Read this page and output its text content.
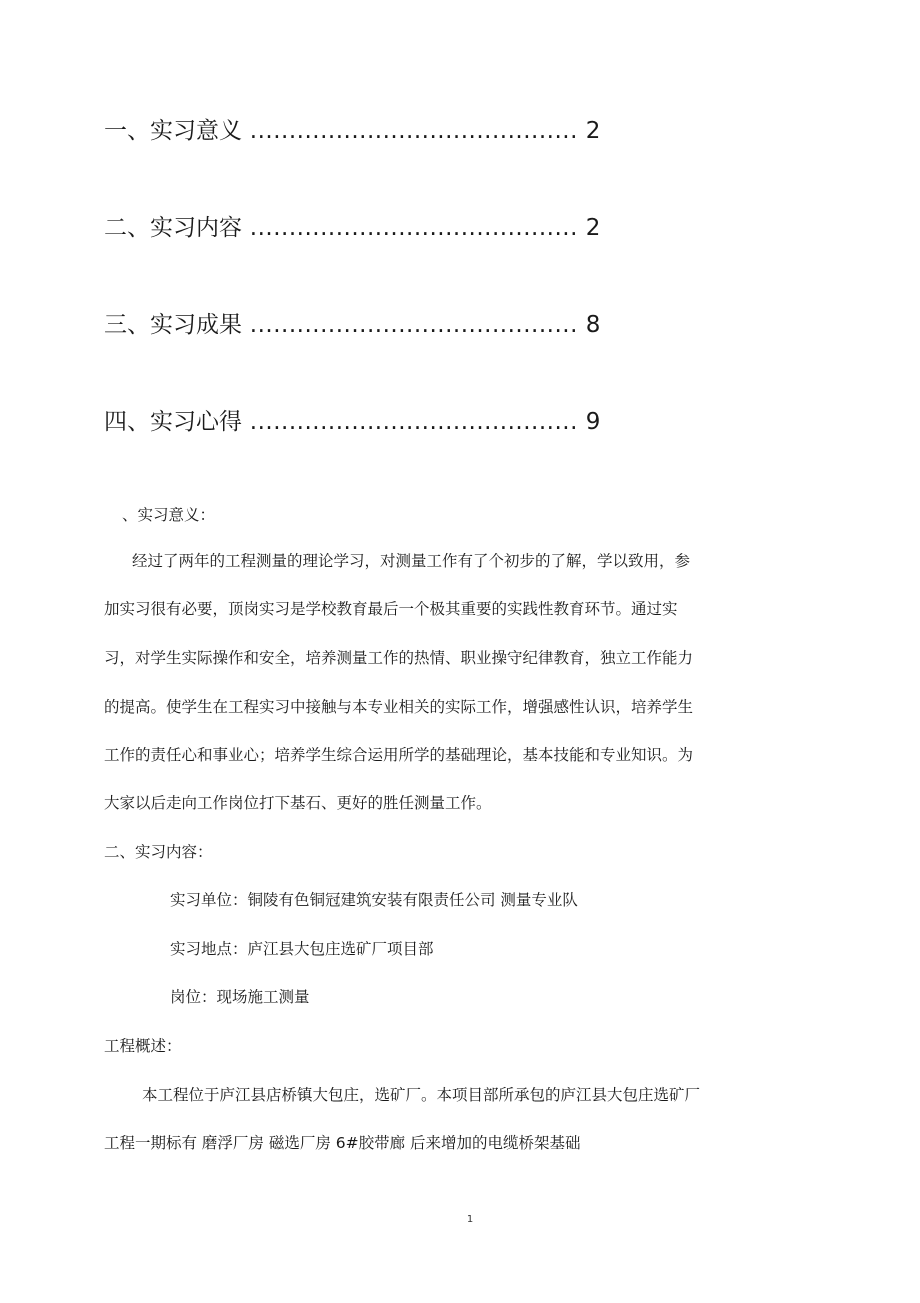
一、实习意义 .......................................... 2
二、实习内容 .......................................... 2
三、实习成果 .......................................... 8
四、实习心得 .......................................... 9
、实习意义：
经过了两年的工程测量的理论学习，对测量工作有了个初步的了解，学以致用，参
加实习很有必要，顶岗实习是学校教育最后一个极其重要的实践性教育环节。通过实
习，对学生实际操作和安全，培养测量工作的热情、职业操守纪律教育，独立工作能力
的提高。使学生在工程实习中接触与本专业相关的实际工作，增强感性认识，培养学生
工作的责任心和事业心；培养学生综合运用所学的基础理论，基本技能和专业知识。为
大家以后走向工作岗位打下基石、更好的胜任测量工作。
二、实习内容：
实习单位：铜陵有色铜冠建筑安装有限责任公司 测量专业队
实习地点：庐江县大包庄选矿厂项目部
岗位：现场施工测量
工程概述：
本工程位于庐江县店桥镇大包庄，选矿厂。本项目部所承包的庐江县大包庄选矿厂
工程一期标有 磨浮厂房 磁选厂房 6#胶带廊 后来增加的电缆桥架基础
1
